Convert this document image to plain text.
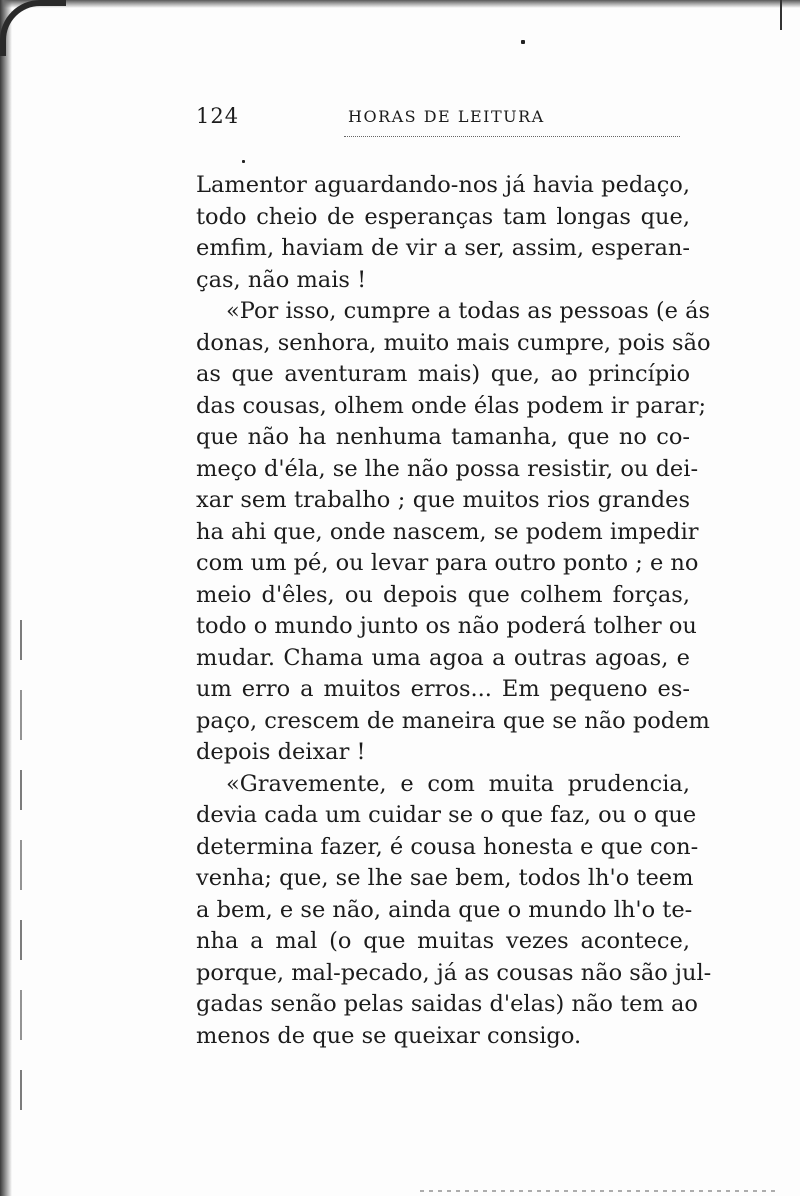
124	HORAS DE LEITURA

Lamentor aguardando-nos já havia pedaço,
todo cheio de esperanças tam longas que,
emfim, haviam de vir a ser, assim, esperan-
ças, não mais !

«Por isso, cumpre a todas as pessoas (e ás
donas, senhora, muito mais cumpre, pois são
as que aventuram mais) que, ao princípio
das cousas, olhem onde élas podem ir parar;
que não ha nenhuma tamanha, que no co-
meço d'éla, se lhe não possa resistir, ou dei-
xar sem trabalho ; que muitos rios grandes
ha ahi que, onde nascem, se podem impedir
com um pé, ou levar para outro ponto ; e no
meio d'êles, ou depois que colhem forças,
todo o mundo junto os não poderá tolher ou
mudar. Chama uma agoa a outras agoas, e
um erro a muitos erros... Em pequeno es-
paço, crescem de maneira que se não podem
depois deixar !

«Gravemente, e com muita prudencia,
devia cada um cuidar se o que faz, ou o que
determina fazer, é cousa honesta e que con-
venha; que, se lhe sae bem, todos lh'o teem
a bem, e se não, ainda que o mundo lh'o te-
nha a mal (o que muitas vezes acontece,
porque, mal-pecado, já as cousas não são jul-
gadas senão pelas saidas d'elas) não tem ao
menos de que se queixar consigo.
